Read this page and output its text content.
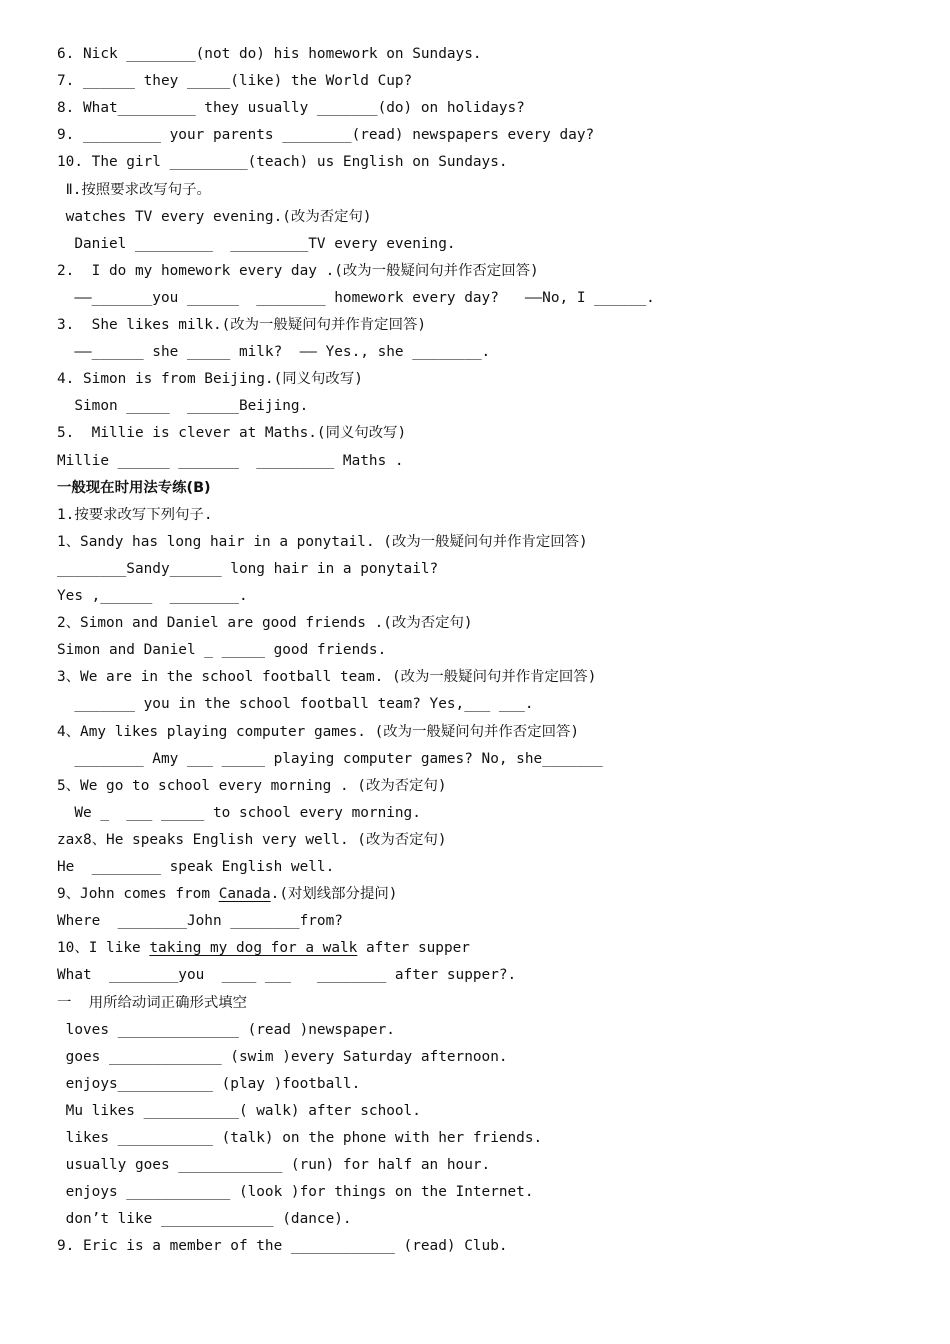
6. Nick ________(not do) his homework on Sundays.
7. ______ they _____(like) the World Cup?
8. What_________ they usually _______(do) on holidays?
9. _________ your parents ________(read) newspapers every day?
10. The girl _________(teach) us English on Sundays.
Ⅱ.按照要求改写句子。
watches TV every evening.(改为否定句)
Daniel _________  _________TV every evening.
2.  I do my homework every day .(改为一般疑问句并作否定回答)
——_______you ______  ________ homework every day?   ——No, I ______.
3.  She likes milk.(改为一般疑问句并作肯定回答)
——______ she _____ milk?  —— Yes., she ________.
4. Simon is from Beijing.(同义句改写)
Simon _____  ______Beijing.
5.  Millie is clever at Maths.(同义句改写)
Millie ______ _______  _________ Maths .
一般现在时用法专练(B)
1.按要求改写下列句子.
1、Sandy has long hair in a ponytail. (改为一般疑问句并作肯定回答)
________Sandy______ long hair in a ponytail?
Yes ,______  ________.
2、Simon and Daniel are good friends .(改为否定句)
Simon and Daniel _ _____ good friends.
3、We are in the school football team. (改为一般疑问句并作肯定回答)
_______ you in the school football team? Yes,___ ___.
4、Amy likes playing computer games. (改为一般疑问句并作否定回答)
________ Amy ___ _____ playing computer games? No, she_______
5、We go to school every morning . (改为否定句)
We _  ___ _____ to school every morning.
zax8、He speaks English very well. (改为否定句)
He  ________ speak English well.
9、John comes from Canada.(对划线部分提问)
Where  ________John ________from?
10、I like taking my dog for a walk after supper
What  ________you  ____ ___   ________ after supper?.
一  用所给动词正确形式填空
loves ______________ (read )newspaper.
goes _____________ (swim )every Saturday afternoon.
enjoys___________ (play )football.
Mu likes ___________( walk) after school.
likes ___________ (talk) on the phone with her friends.
usually goes ____________ (run) for half an hour.
enjoys ____________ (look )for things on the Internet.
don’t like _____________ (dance).
9. Eric is a member of the ____________ (read) Club.
